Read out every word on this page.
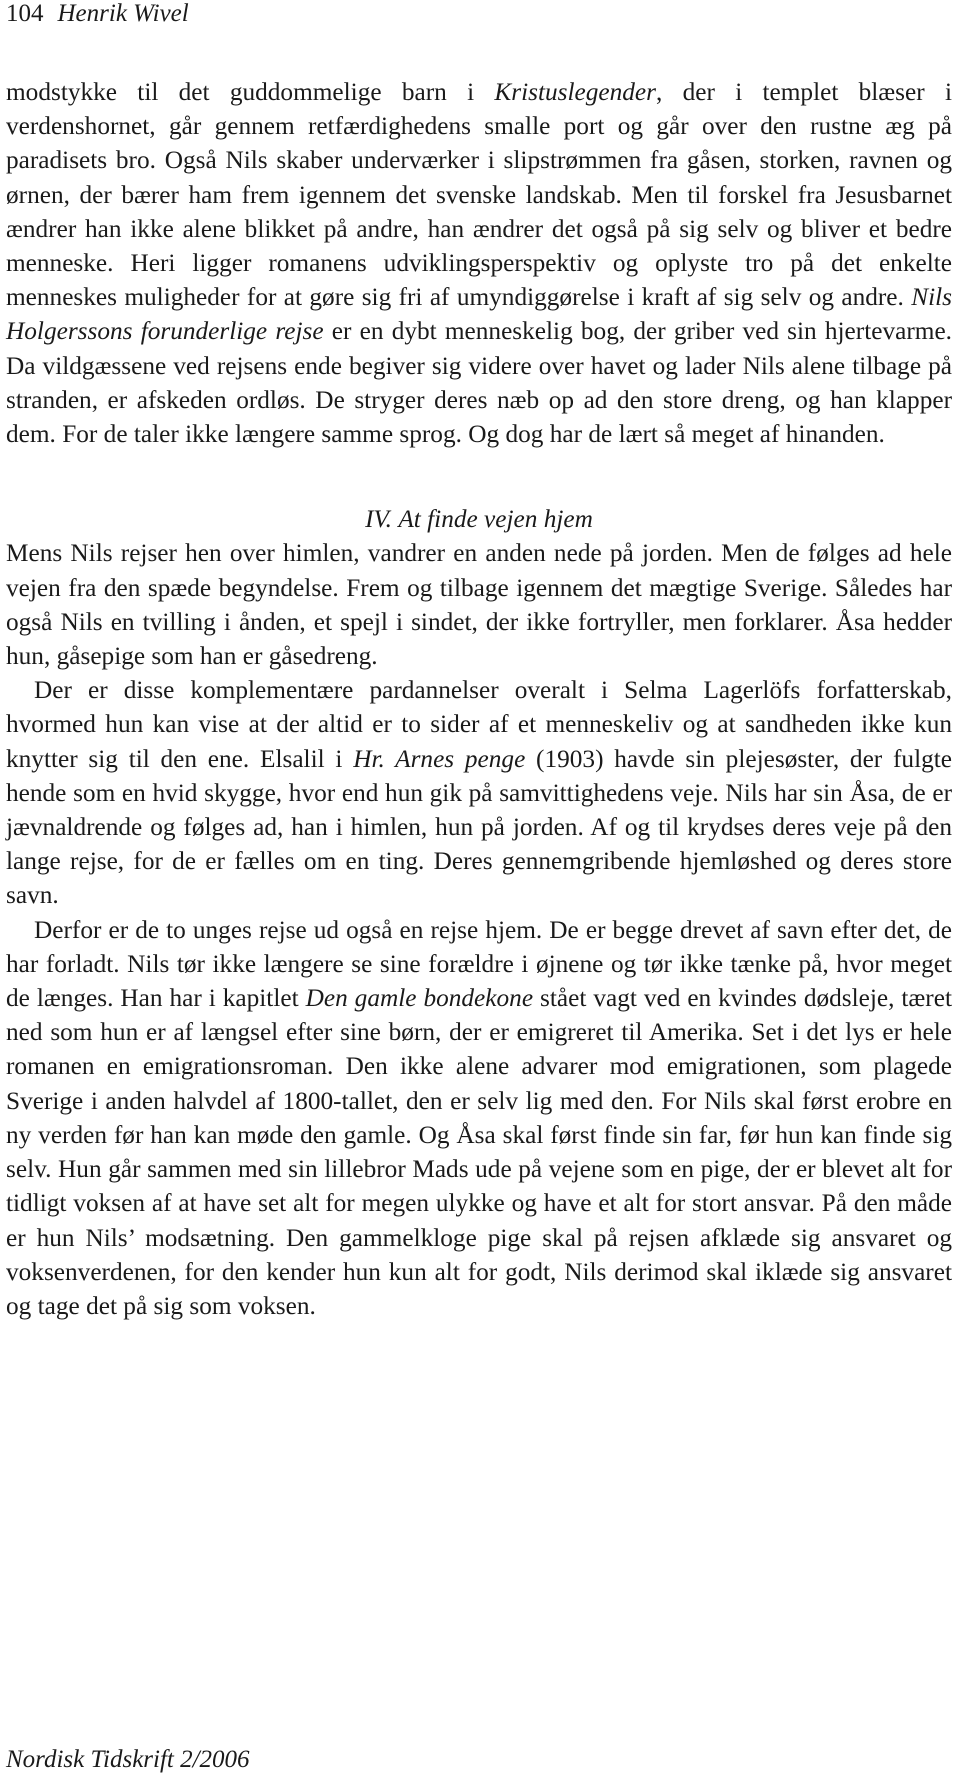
104 Henrik Wivel

modstykke til det guddommelige barn i Kristuslegender, der i templet blæser i verdenshornet, går gennem retfærdighedens smalle port og går over den rustne æg på paradisets bro. Også Nils skaber underværker i slipstrømmen fra gåsen, storken, ravnen og ørnen, der bærer ham frem igennem det svenske landskab. Men til forskel fra Jesusbarnet ændrer han ikke alene blikket på andre, han ændrer det også på sig selv og bliver et bedre menneske. Heri ligger romanens udviklingsperspektiv og oplyste tro på det enkelte menneskes muligheder for at gøre sig fri af umyndiggørelse i kraft af sig selv og andre. Nils Holgerssons forunderlige rejse er en dybt menneskelig bog, der griber ved sin hjertevarme. Da vildgæssene ved rejsens ende begiver sig videre over havet og lader Nils alene tilbage på stranden, er afskeden ordløs. De stryger deres næb op ad den store dreng, og han klapper dem. For de taler ikke længere samme sprog. Og dog har de lært så meget af hinanden.

IV. At finde vejen hjem

Mens Nils rejser hen over himlen, vandrer en anden nede på jorden. Men de følges ad hele vejen fra den spæde begyndelse. Frem og tilbage igennem det mægtige Sverige. Således har også Nils en tvilling i ånden, et spejl i sindet, der ikke fortryller, men forklarer. Åsa hedder hun, gåsepige som han er gåsedreng.

Der er disse komplementære pardannelser overalt i Selma Lagerlöfs forfatterskab, hvormed hun kan vise at der altid er to sider af et menneskeliv og at sandheden ikke kun knytter sig til den ene. Elsalil i Hr. Arnes penge (1903) havde sin plejesøster, der fulgte hende som en hvid skygge, hvor end hun gik på samvittighedens veje. Nils har sin Åsa, de er jævnaldrende og følges ad, han i himlen, hun på jorden. Af og til krydses deres veje på den lange rejse, for de er fælles om en ting. Deres gennemgribende hjemløshed og deres store savn.

Derfor er de to unges rejse ud også en rejse hjem. De er begge drevet af savn efter det, de har forladt. Nils tør ikke længere se sine forældre i øjnene og tør ikke tænke på, hvor meget de længes. Han har i kapitlet Den gamle bondekone stået vagt ved en kvindes dødsleje, tæret ned som hun er af længsel efter sine børn, der er emigreret til Amerika. Set i det lys er hele romanen en emigrationsroman. Den ikke alene advarer mod emigrationen, som plagede Sverige i anden halvdel af 1800-tallet, den er selv lig med den. For Nils skal først erobre en ny verden før han kan møde den gamle. Og Åsa skal først finde sin far, før hun kan finde sig selv. Hun går sammen med sin lillebror Mads ude på vejene som en pige, der er blevet alt for tidligt voksen af at have set alt for megen ulykke og have et alt for stort ansvar. På den måde er hun Nils’ modsætning. Den gammelkloge pige skal på rejsen afklæde sig ansvaret og voksenverdenen, for den kender hun kun alt for godt, Nils derimod skal iklæde sig ansvaret og tage det på sig som voksen.

Nordisk Tidskrift 2/2006
